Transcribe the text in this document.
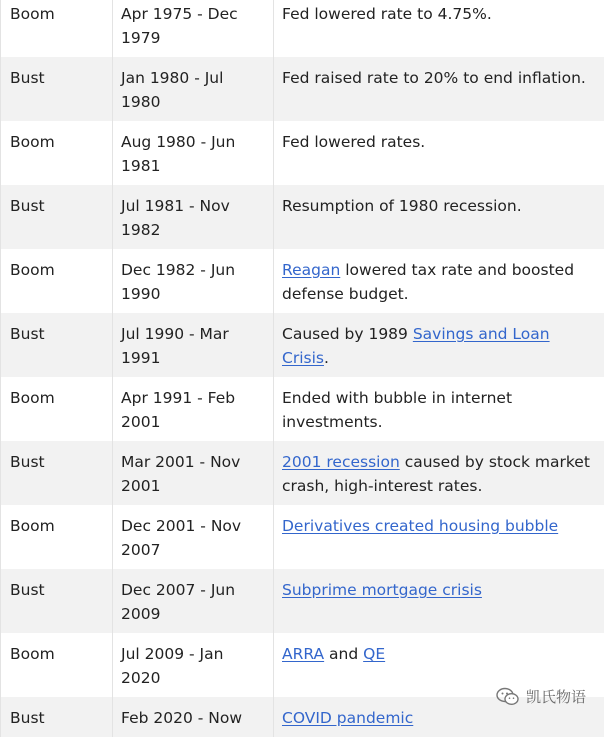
Boom	Apr 1975 - Dec 1979	Fed lowered rate to 4.75%.
Bust	Jan 1980 - Jul 1980	Fed raised rate to 20% to end inflation.
Boom	Aug 1980 - Jun 1981	Fed lowered rates.
Bust	Jul 1981 - Nov 1982	Resumption of 1980 recession.
Boom	Dec 1982 - Jun 1990	Reagan lowered tax rate and boosted defense budget.
Bust	Jul 1990 - Mar 1991	Caused by 1989 Savings and Loan Crisis.
Boom	Apr 1991 - Feb 2001	Ended with bubble in internet investments.
Bust	Mar 2001 - Nov 2001	2001 recession caused by stock market crash, high-interest rates.
Boom	Dec 2001 - Nov 2007	Derivatives created housing bubble
Bust	Dec 2007 - Jun 2009	Subprime mortgage crisis
Boom	Jul 2009 - Jan 2020	ARRA and QE
Bust	Feb 2020 - Now	COVID pandemic
凯氏物语
